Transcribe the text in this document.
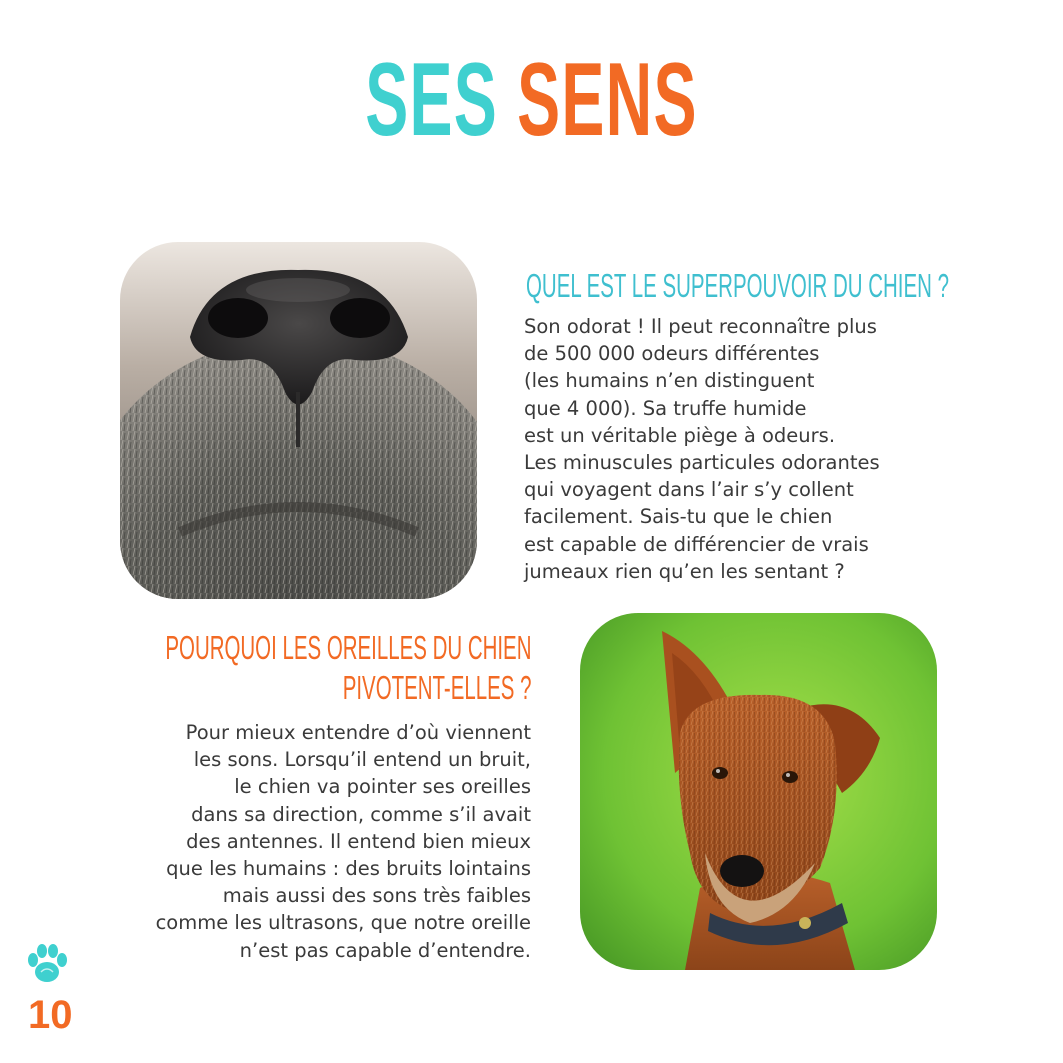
SES SENS
QUEL EST LE SUPERPOUVOIR DU CHIEN ?
Son odorat ! Il peut reconnaître plus
de 500 000 odeurs différentes
(les humains n’en distinguent
que 4 000). Sa truffe humide
est un véritable piège à odeurs.
Les minuscules particules odorantes
qui voyagent dans l’air s’y collent
facilement. Sais-tu que le chien
est capable de différencier de vrais
jumeaux rien qu’en les sentant ?
POURQUOI LES OREILLES DU CHIEN
PIVOTENT-ELLES ?
Pour mieux entendre d’où viennent
les sons. Lorsqu’il entend un bruit,
le chien va pointer ses oreilles
dans sa direction, comme s’il avait
des antennes. Il entend bien mieux
que les humains : des bruits lointains
mais aussi des sons très faibles
comme les ultrasons, que notre oreille
n’est pas capable d’entendre.
10
